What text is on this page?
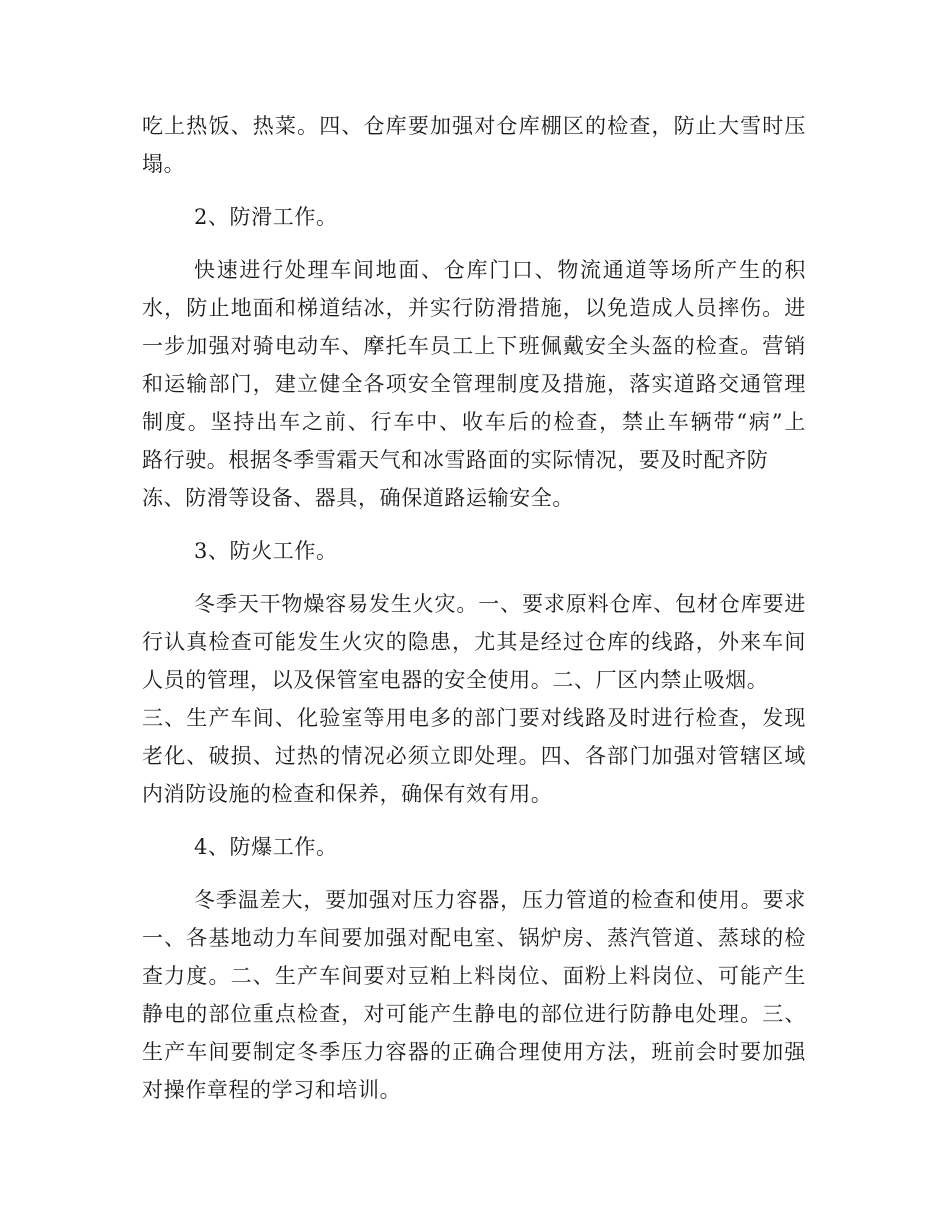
吃上热饭、热菜。四、仓库要加强对仓库棚区的检查，防止大雪时压
塌。
2、防滑工作。
快速进行处理车间地面、仓库门口、物流通道等场所产生的积
水，防止地面和梯道结冰，并实行防滑措施，以免造成人员摔伤。进
一步加强对骑电动车、摩托车员工上下班佩戴安全头盔的检查。营销
和运输部门，建立健全各项安全管理制度及措施，落实道路交通管理
制度。坚持出车之前、行车中、收车后的检查，禁止车辆带“病”上
路行驶。根据冬季雪霜天气和冰雪路面的实际情况，要及时配齐防
冻、防滑等设备、器具，确保道路运输安全。
3、防火工作。
冬季天干物燥容易发生火灾。一、要求原料仓库、包材仓库要进
行认真检查可能发生火灾的隐患，尤其是经过仓库的线路，外来车间
人员的管理，以及保管室电器的安全使用。二、厂区内禁止吸烟。
三、生产车间、化验室等用电多的部门要对线路及时进行检查，发现
老化、破损、过热的情况必须立即处理。四、各部门加强对管辖区域
内消防设施的检查和保养，确保有效有用。
4、防爆工作。
冬季温差大，要加强对压力容器，压力管道的检查和使用。要求
一、各基地动力车间要加强对配电室、锅炉房、蒸汽管道、蒸球的检
查力度。二、生产车间要对豆粕上料岗位、面粉上料岗位、可能产生
静电的部位重点检查，对可能产生静电的部位进行防静电处理。三、
生产车间要制定冬季压力容器的正确合理使用方法，班前会时要加强
对操作章程的学习和培训。
